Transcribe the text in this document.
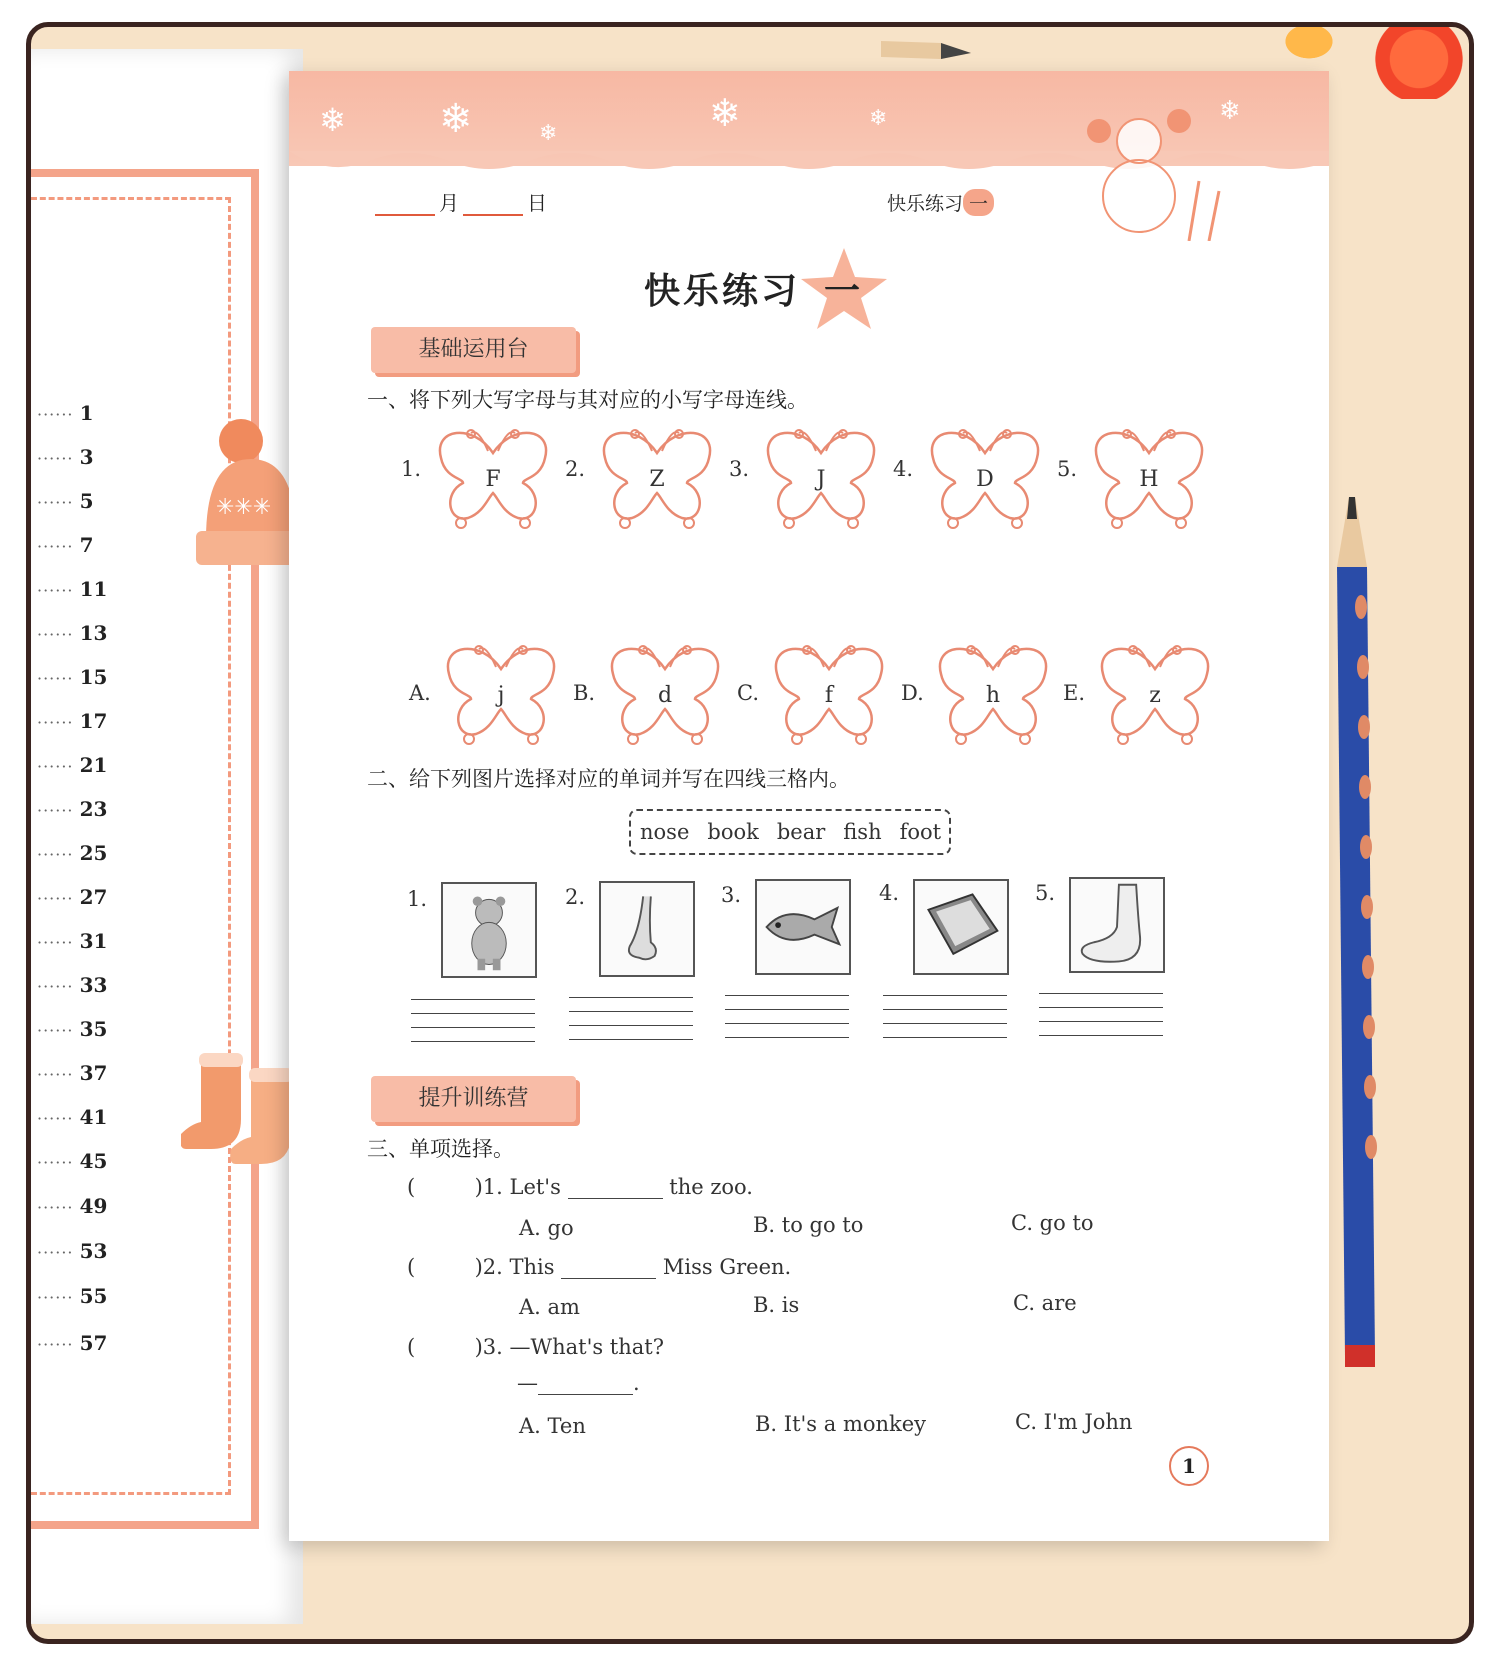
······ 1
······ 3
······ 5
······ 7
······ 11
······ 13
······ 15
······ 17
······ 21
······ 23
······ 25
······ 27
······ 31
······ 33
······ 35
······ 37
······ 41
······ 45
······ 49
······ 53
······ 55
······ 57
✳✳✳
❄ ❄	❄	❄	❄	❄
月	日	快乐练习 一
快乐练习 一
基础运用台
一、将下列大写字母与其对应的小写字母连线。
1.	F	2.	Z	3.	J	4.	D	5.	H
A.	j	B.	d	C.	f	D.	h	E.	z
二、给下列图片选择对应的单词并写在四线三格内。
nose book bear fish foot
1.	2.	3.	4.	5.
提升训练营
三、单项选择。
(	)1. Let's	the zoo.
A. go	B. to go to	C. go to
(	)2. This	Miss Green.
A. am	B. is	C. are
(	)3. —What's that?
—	.
A. Ten	B. It's a monkey	C. I'm John
1
